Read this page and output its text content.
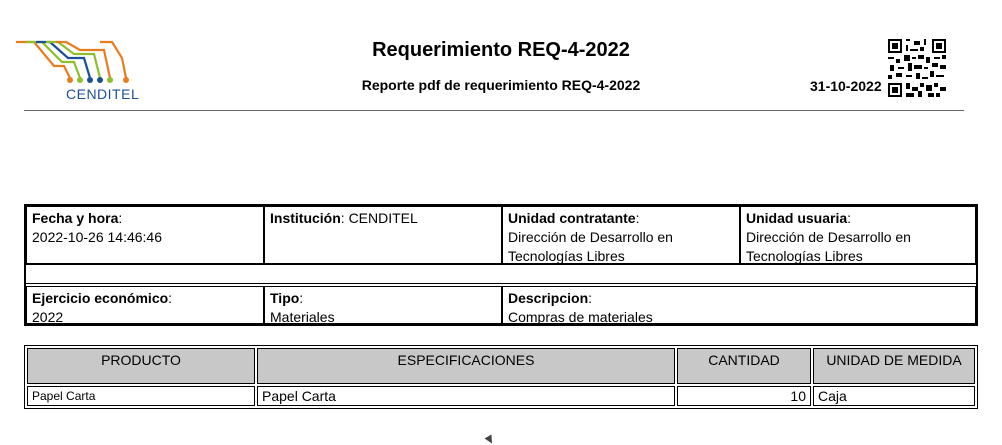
CENDITEL
Requerimiento REQ-4-2022
Reporte pdf de requerimiento REQ-4-2022	31-10-2022
Fecha y hora:
2022-10-26 14:46:46
Institución: CENDITEL	Unidad contratante:
Dirección de Desarrollo en Tecnologías Libres
Unidad usuaria:
Dirección de Desarrollo en Tecnologías Libres
Ejercicio económico:
2022
Tipo:
Materiales
Descripcion:
Compras de materiales
PRODUCTO	ESPECIFICACIONES	CANTIDAD	UNIDAD DE MEDIDA
Papel Carta	Papel Carta	10	Caja
